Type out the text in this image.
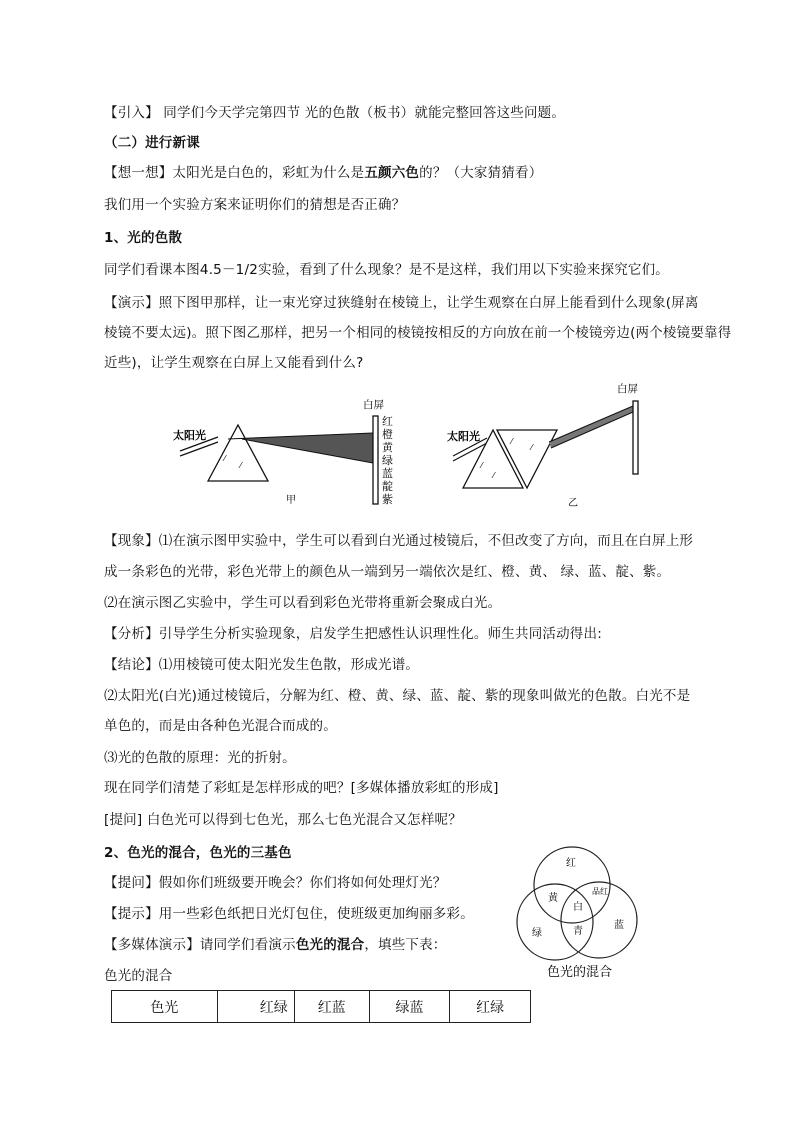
【引入】 同学们今天学完第四节 光的色散（板书）就能完整回答这些问题。
（二）进行新课
【想一想】太阳光是白色的，彩虹为什么是五颜六色的？（大家猜猜看）
我们用一个实验方案来证明你们的猜想是否正确？
1、光的色散
同学们看课本图4.5－1/2实验，看到了什么现象？是不是这样，我们用以下实验来探究它们。
【演示】照下图甲那样，让一束光穿过狭缝射在棱镜上，让学生观察在白屏上能看到什么现象(屏离
棱镜不要太远)。照下图乙那样，把另一个相同的棱镜按相反的方向放在前一个棱镜旁边(两个棱镜要靠得
近些)，让学生观察在白屏上又能看到什么?
太阳光
⁄
⁄
白屏
红
橙
黄
绿
蓝
靛
紫
甲
太阳光
⁄
⁄
⁄
⁄
白屏
乙
【现象】⑴在演示图甲实验中，学生可以看到白光通过棱镜后，不但改变了方向，而且在白屏上形
成一条彩色的光带，彩色光带上的颜色从一端到另一端依次是红、橙、黄、 绿、蓝、靛、紫。
⑵在演示图乙实验中，学生可以看到彩色光带将重新会聚成白光。
【分析】引导学生分析实验现象，启发学生把感性认识理性化。师生共同活动得出:
【结论】⑴用棱镜可使太阳光发生色散，形成光谱。
⑵太阳光(白光)通过棱镜后，分解为红、橙、黄、绿、蓝、靛、紫的现象叫做光的色散。白光不是
单色的，而是由各种色光混合而成的。
⑶光的色散的原理：光的折射。
现在同学们清楚了彩虹是怎样形成的吧？[多媒体播放彩虹的形成]
[提问] 白色光可以得到七色光，那么七色光混合又怎样呢？
2、色光的混合，色光的三基色
【提问】假如你们班级要开晚会？你们将如何处理灯光？
【提示】用一些彩色纸把日光灯包住，使班级更加绚丽多彩。
【多媒体演示】请同学们看演示色光的混合，填些下表：
色光的混合
红
黄
品红
白
绿	青
蓝
色光的混合
色光	红绿	红蓝	绿蓝	红绿
